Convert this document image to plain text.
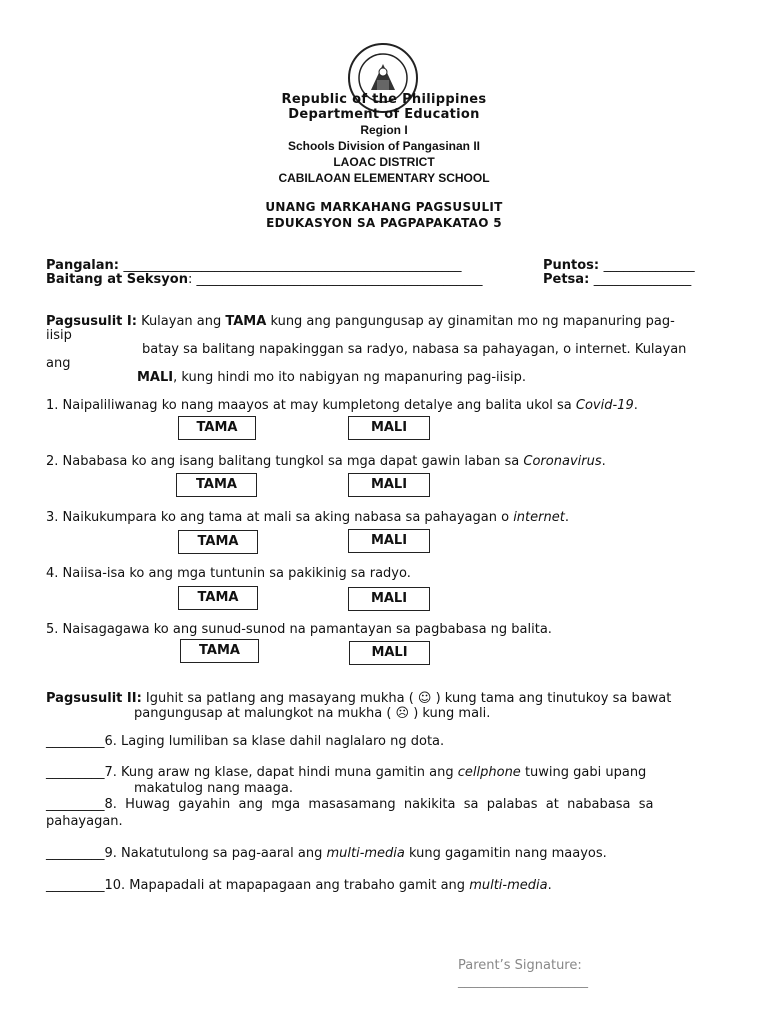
Republic of the Philippines
Department of Education
Region I
Schools Division of Pangasinan II
LAOAC DISTRICT
CABILAOAN ELEMENTARY SCHOOL
UNANG MARKAHANG PAGSUSULIT
EDUKASYON SA PAGPAPAKATAO 5
Pangalan: ____________________________________________________	Puntos: ______________
Baitang at Seksyon: ____________________________________________	Petsa: _______________
Pagsusulit I: Kulayan ang TAMA kung ang pangungusap ay ginamitan mo ng mapanuring pag-
iisip
batay sa balitang napakinggan sa radyo, nabasa sa pahayagan, o internet. Kulayan
ang
MALI, kung hindi mo ito nabigyan ng mapanuring pag-iisip.
1. Naipaliliwanag ko nang maayos at may kumpletong detalye ang balita ukol sa Covid-19.
TAMA	MALI
2. Nababasa ko ang isang balitang tungkol sa mga dapat gawin laban sa Coronavirus.
TAMA	MALI
3. Naikukumpara ko ang tama at mali sa aking nabasa sa pahayagan o internet.
TAMA	MALI
4. Naiisa-isa ko ang mga tuntunin sa pakikinig sa radyo.
TAMA	MALI
5. Naisagagawa ko ang sunud-sunod na pamantayan sa pagbabasa ng balita.
TAMA	MALI
Pagsusulit II: Iguhit sa patlang ang masayang mukha ( ☺ ) kung tama ang tinutukoy sa bawat
pangungusap at malungkot na mukha ( ☹ ) kung mali.
_________6. Laging lumiliban sa klase dahil naglalaro ng dota.
_________7. Kung araw ng klase, dapat hindi muna gamitin ang cellphone tuwing gabi upang
makatulog nang maaga.
_________8.  Huwag  gayahin  ang  mga  masasamang  nakikita  sa  palabas  at  nababasa  sa
pahayagan.
_________9. Nakatutulong sa pag-aaral ang multi-media kung gagamitin nang maayos.
_________10. Mapapadali at mapapagaan ang trabaho gamit ang multi-media.
Parent’s Signature:
____________________
